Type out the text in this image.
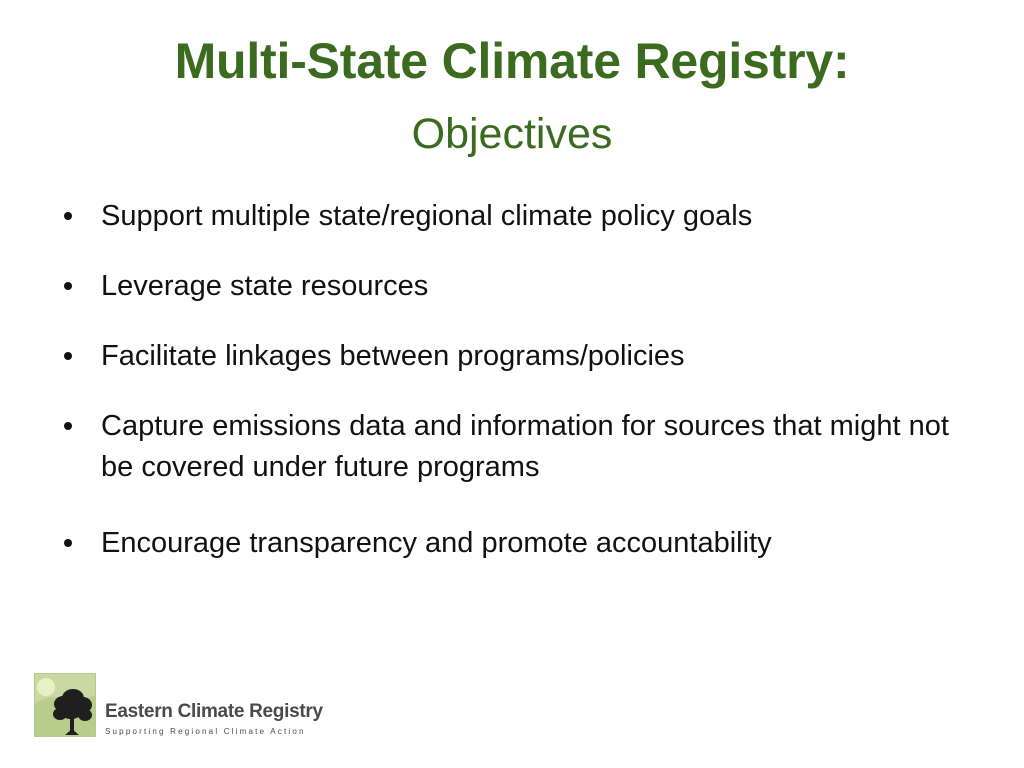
Multi-State Climate Registry:
Objectives
Support multiple state/regional climate policy goals
Leverage state resources
Facilitate linkages between programs/policies
Capture emissions data and information for sources that might not be covered under future programs
Encourage transparency and promote accountability
Eastern Climate Registry
Supporting Regional Climate Action
